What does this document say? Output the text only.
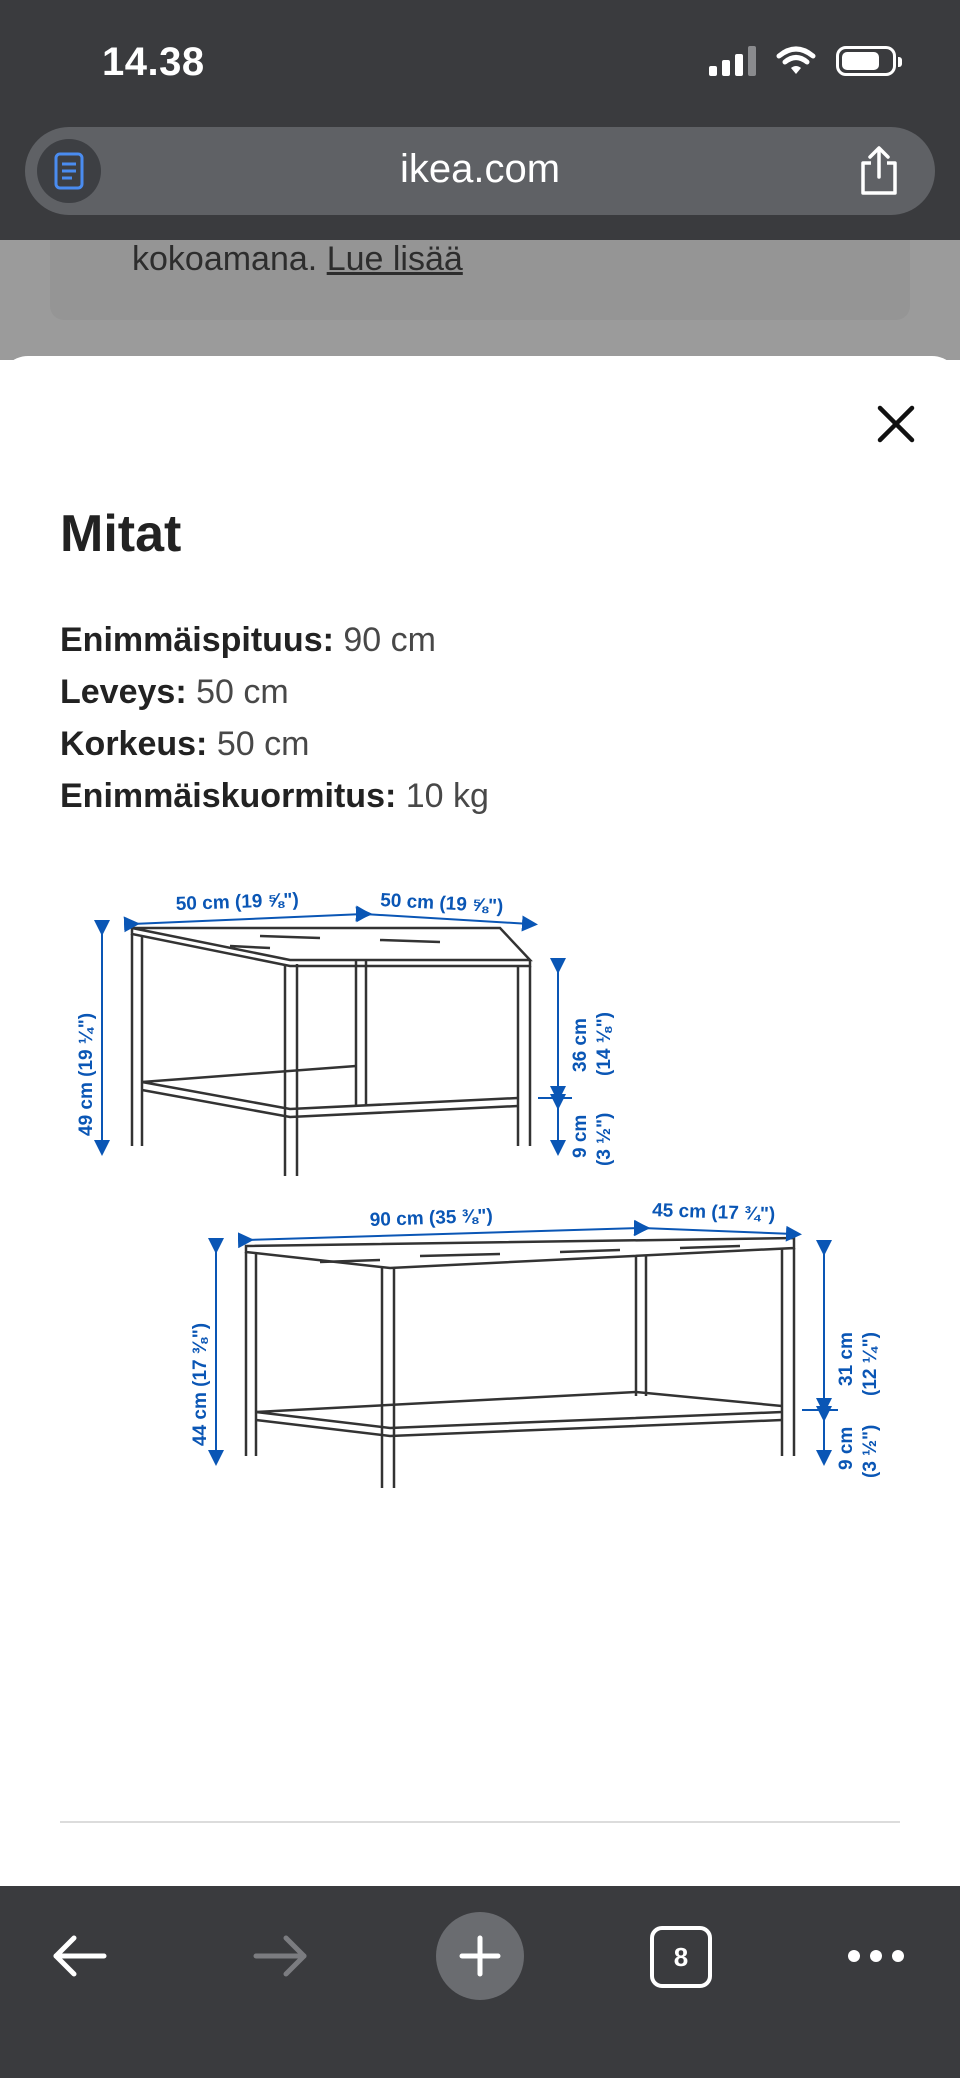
14.38
ikea.com
kokoamana. Lue lisää
Mitat
Enimmäispituus: 90 cm
Leveys: 50 cm
Korkeus: 50 cm
Enimmäiskuormitus: 10 kg
50 cm (19 ⅝")	50 cm (19 ⅝")
49 cm (19 ¼")	36 cm (14 ⅛")
9 cm (3 ½")
90 cm (35 ⅜")	45 cm (17 ¾")
44 cm (17 ⅜")	31 cm (12 ¼")
9 cm (3 ½")
8
